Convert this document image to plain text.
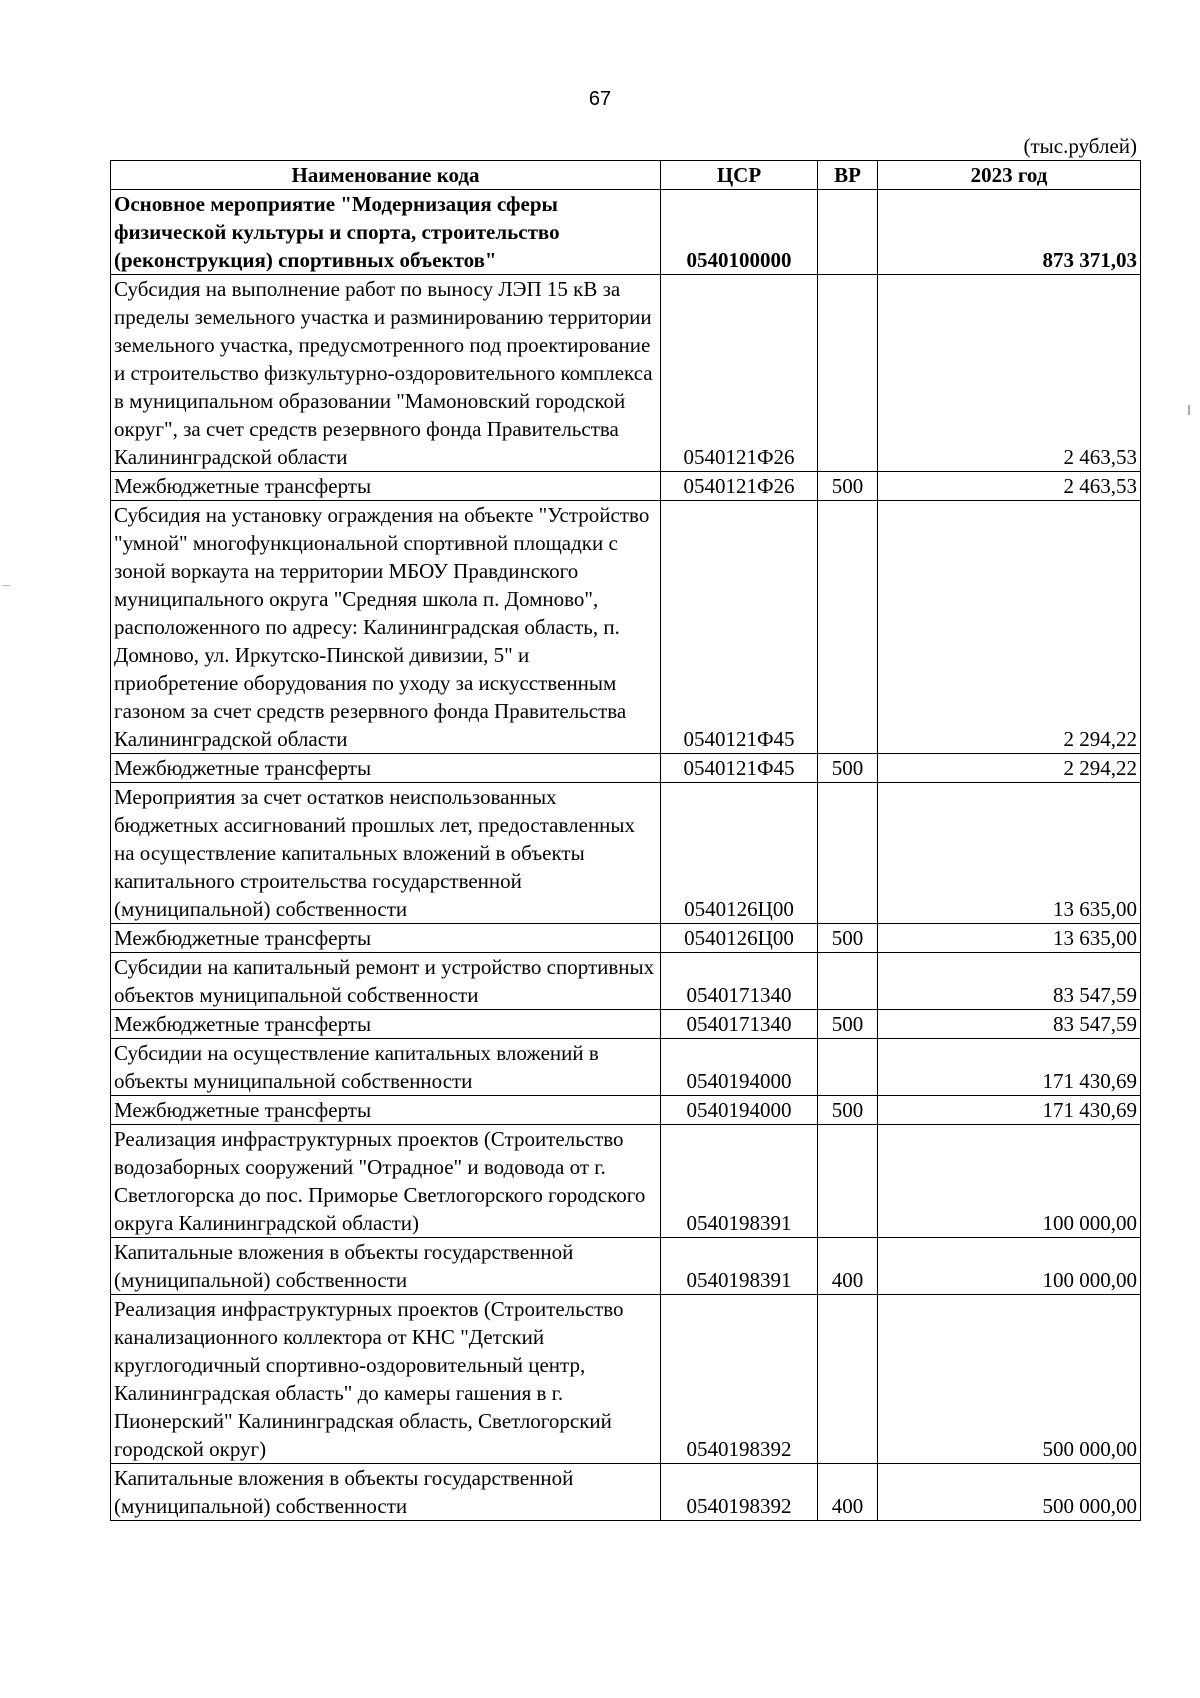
67
(тыс.рублей)
Наименование кода	ЦСР	ВР	2023 год
Основное мероприятие "Модернизация сферы физической культуры и спорта, строительство (реконструкция) спортивных объектов"	0540100000		873 371,03
Субсидия на выполнение работ по выносу ЛЭП 15 кВ за пределы земельного участка и разминированию территории земельного участка, предусмотренного под проектирование и строительство физкультурно-оздоровительного комплекса в муниципальном образовании "Мамоновский городской округ", за счет средств резервного фонда Правительства Калининградской области	0540121Ф26		2 463,53
Межбюджетные трансферты	0540121Ф26	500	2 463,53
Субсидия на установку ограждения на объекте "Устройство "умной" многофункциональной спортивной площадки с зоной воркаута на территории МБОУ Правдинского муниципального округа "Средняя школа п. Домново", расположенного по адресу: Калининградская область, п. Домново, ул. Иркутско-Пинской дивизии, 5" и приобретение оборудования по уходу за искусственным газоном за счет средств резервного фонда Правительства Калининградской области	0540121Ф45		2 294,22
Межбюджетные трансферты	0540121Ф45	500	2 294,22
Мероприятия за счет остатков неиспользованных бюджетных ассигнований прошлых лет, предоставленных на осуществление капитальных вложений в объекты капитального строительства государственной (муниципальной) собственности	0540126Ц00		13 635,00
Межбюджетные трансферты	0540126Ц00	500	13 635,00
Субсидии на капитальный ремонт и устройство спортивных объектов муниципальной собственности	0540171340		83 547,59
Межбюджетные трансферты	0540171340	500	83 547,59
Субсидии на осуществление капитальных вложений в объекты муниципальной собственности	0540194000		171 430,69
Межбюджетные трансферты	0540194000	500	171 430,69
Реализация инфраструктурных проектов (Строительство водозаборных сооружений "Отрадное" и водовода от г. Светлогорска до пос. Приморье Светлогорского городского округа Калининградской области)	0540198391		100 000,00
Капитальные вложения в объекты государственной (муниципальной) собственности	0540198391	400	100 000,00
Реализация инфраструктурных проектов (Строительство канализационного коллектора от КНС "Детский круглогодичный спортивно-оздоровительный центр, Калининградская область" до камеры гашения в г. Пионерский" Калининградская область, Светлогорский городской округ)	0540198392		500 000,00
Капитальные вложения в объекты государственной (муниципальной) собственности	0540198392	400	500 000,00
